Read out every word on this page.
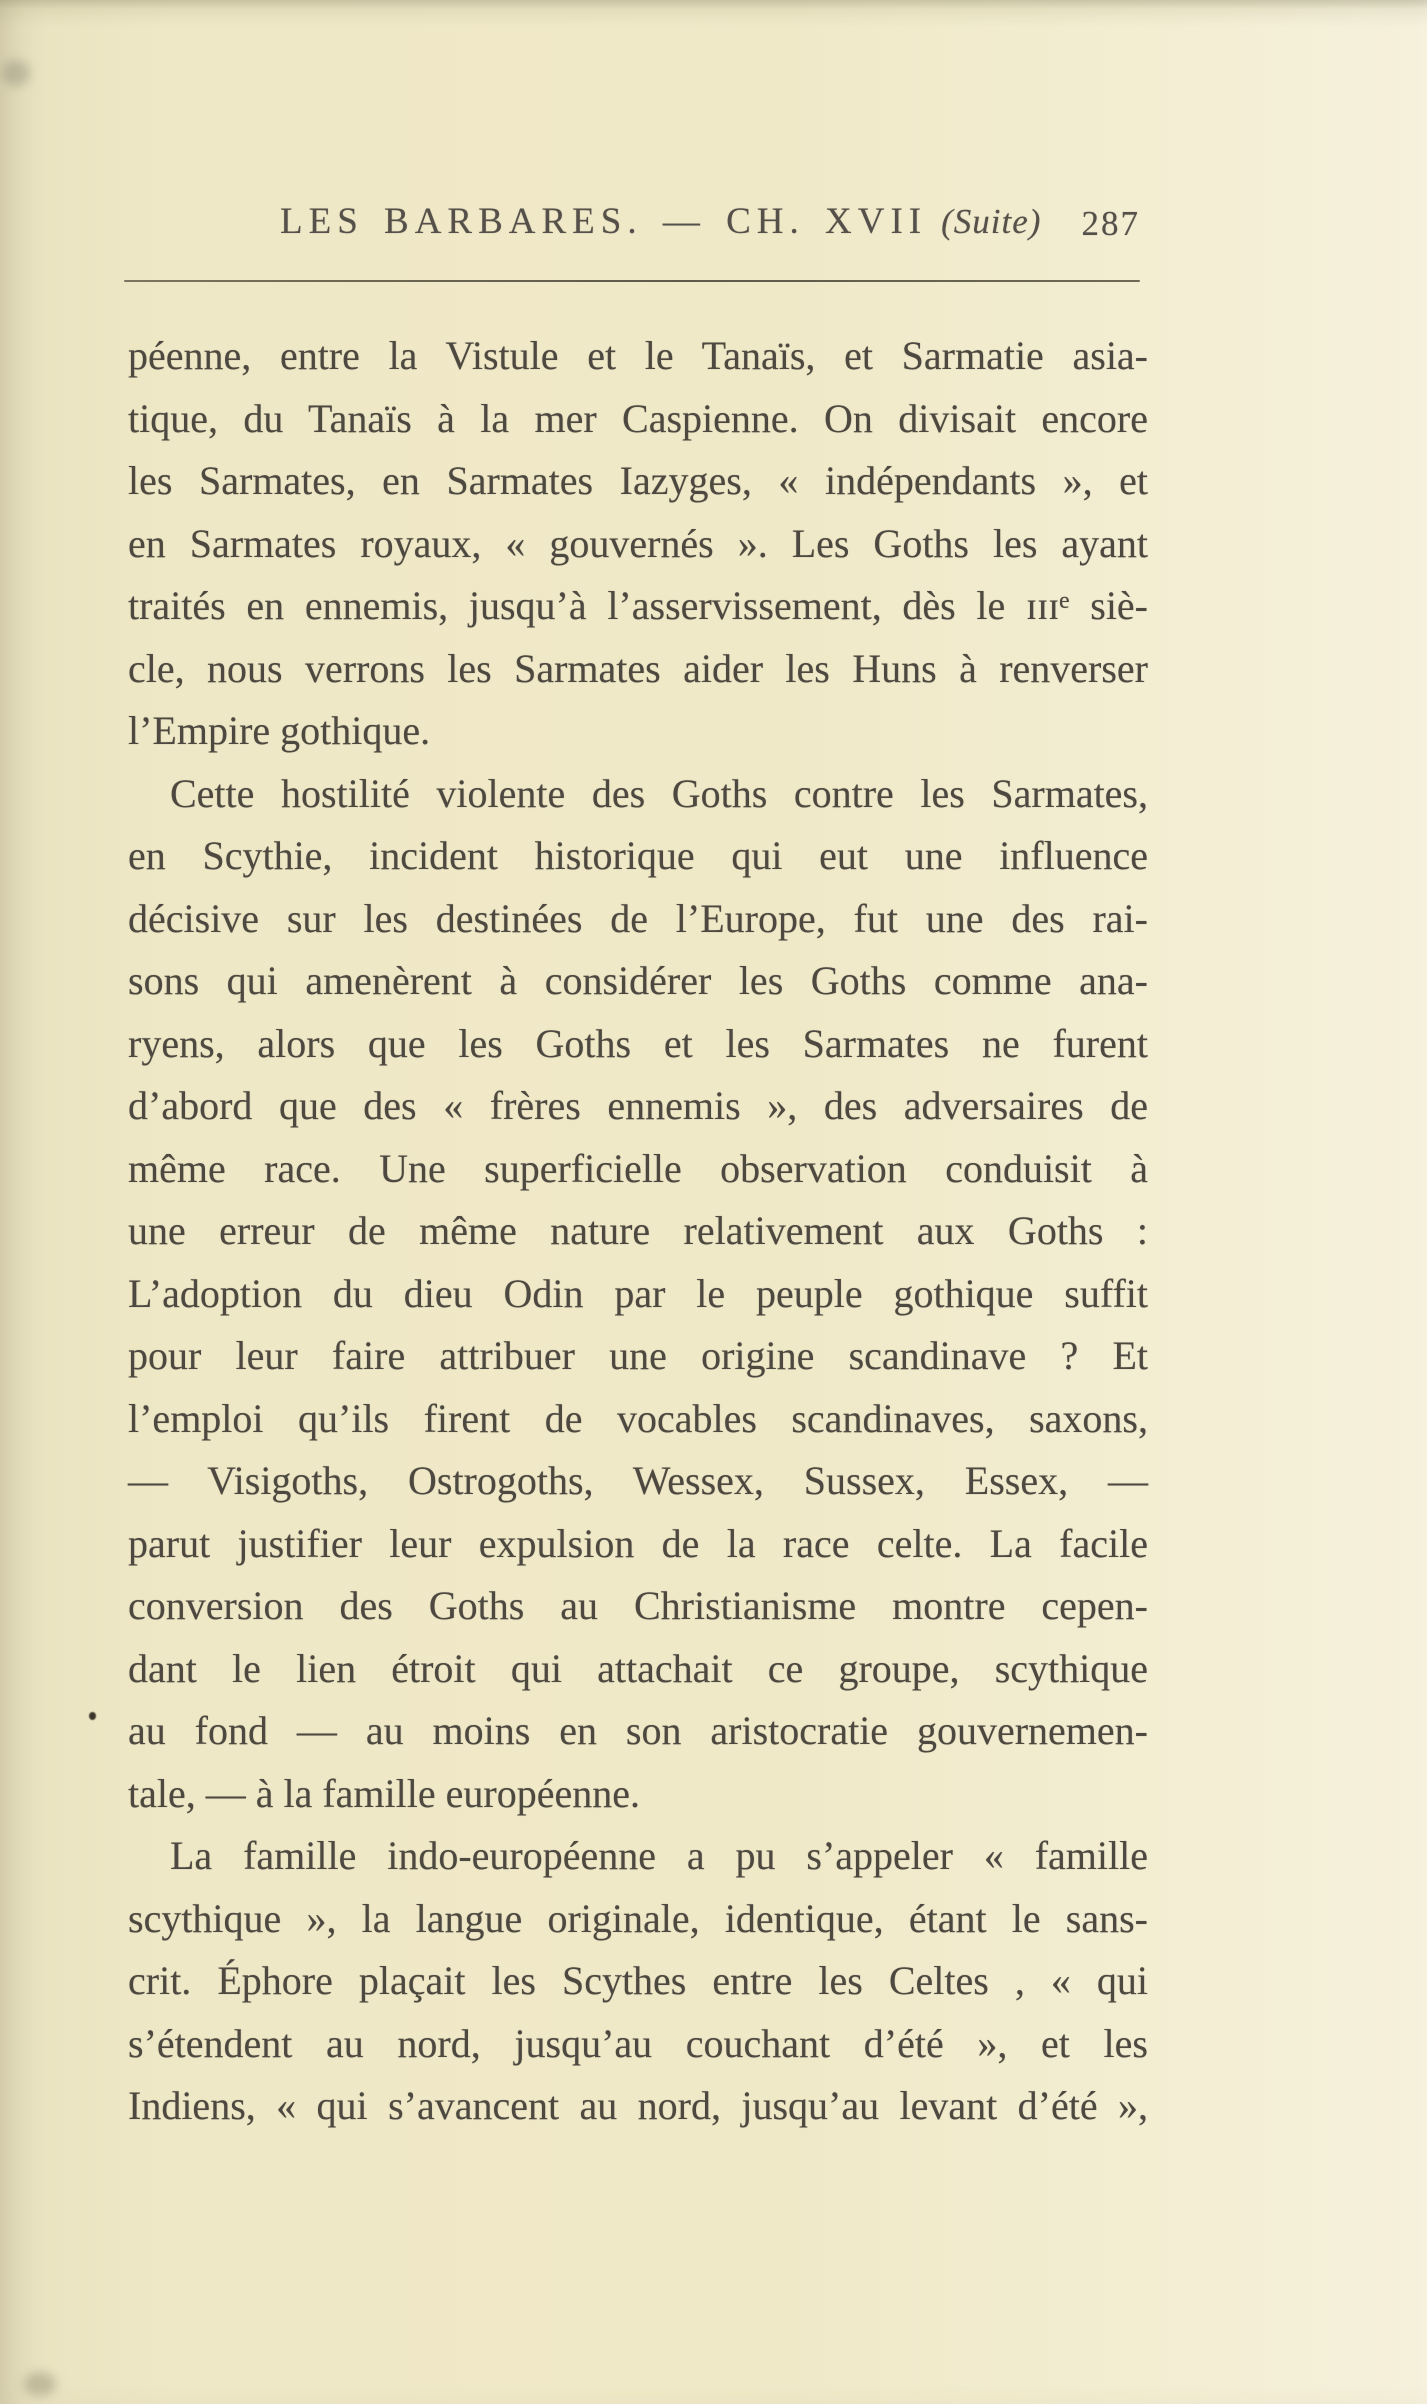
LES BARBARES. — CH. XVII (Suite) 287
péenne, entre la Vistule et le Tanaïs, et Sarmatie asia-
tique, du Tanaïs à la mer Caspienne. On divisait encore
les Sarmates, en Sarmates Iazyges, « indépendants », et
en Sarmates royaux, « gouvernés ». Les Goths les ayant
traités en ennemis, jusqu’à l’asservissement, dès le ɪɪɪᵉ siè-
cle, nous verrons les Sarmates aider les Huns à renverser
l’Empire gothique.
Cette hostilité violente des Goths contre les Sarmates,
en Scythie, incident historique qui eut une influence
décisive sur les destinées de l’Europe, fut une des rai-
sons qui amenèrent à considérer les Goths comme ana-
ryens, alors que les Goths et les Sarmates ne furent
d’abord que des « frères ennemis », des adversaires de
même race. Une superficielle observation conduisit à
une erreur de même nature relativement aux Goths :
L’adoption du dieu Odin par le peuple gothique suffit
pour leur faire attribuer une origine scandinave ? Et
l’emploi qu’ils firent de vocables scandinaves, saxons,
— Visigoths, Ostrogoths, Wessex, Sussex, Essex, —
parut justifier leur expulsion de la race celte. La facile
conversion des Goths au Christianisme montre cepen-
dant le lien étroit qui attachait ce groupe, scythique
au fond — au moins en son aristocratie gouvernemen-
tale, — à la famille européenne.
La famille indo-européenne a pu s’appeler « famille
scythique », la langue originale, identique, étant le sans-
crit. Éphore plaçait les Scythes entre les Celtes , « qui
s’étendent au nord, jusqu’au couchant d’été », et les
Indiens, « qui s’avancent au nord, jusqu’au levant d’été »,
